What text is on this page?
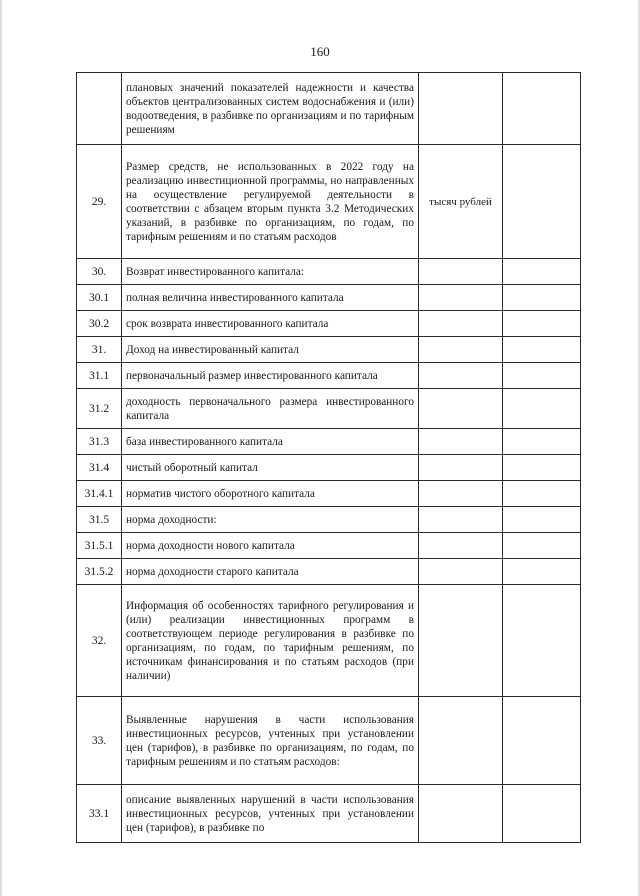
160
	плановых значений показателей надежности и качества объектов централизованных систем водоснабжения и (или) водоотведения, в разбивке по организациям и по тарифным решениям		
29.	Размер средств, не использованных в 2022 году на реализацию инвестиционной программы, но направленных на осуществление регулируемой деятельности в соответствии с абзацем вторым пункта 3.2 Методических указаний, в разбивке по организациям, по годам, по тарифным решениям и по статьям расходов	тысяч рублей	
30.	Возврат инвестированного капитала:		
30.1	полная величина инвестированного капитала		
30.2	срок возврата инвестированного капитала		
31.	Доход на инвестированный капитал		
31.1	первоначальный размер инвестированного капитала		
31.2	доходность первоначального размера инвестированного капитала		
31.3	база инвестированного капитала		
31.4	чистый оборотный капитал		
31.4.1	норматив чистого оборотного капитала		
31.5	норма доходности:		
31.5.1	норма доходности нового капитала		
31.5.2	норма доходности старого капитала		
32.	Информация об особенностях тарифного регулирования и (или) реализации инвестиционных программ в соответствующем периоде регулирования в разбивке по организациям, по годам, по тарифным решениям, по источникам финансирования и по статьям расходов (при наличии)		
33.	Выявленные нарушения в части использования инвестиционных ресурсов, учтенных при установлении цен (тарифов), в разбивке по организациям, по годам, по тарифным решениям и по статьям расходов:		
33.1	описание выявленных нарушений в части использования инвестиционных ресурсов, учтенных при установлении цен (тарифов), в разбивке по		
